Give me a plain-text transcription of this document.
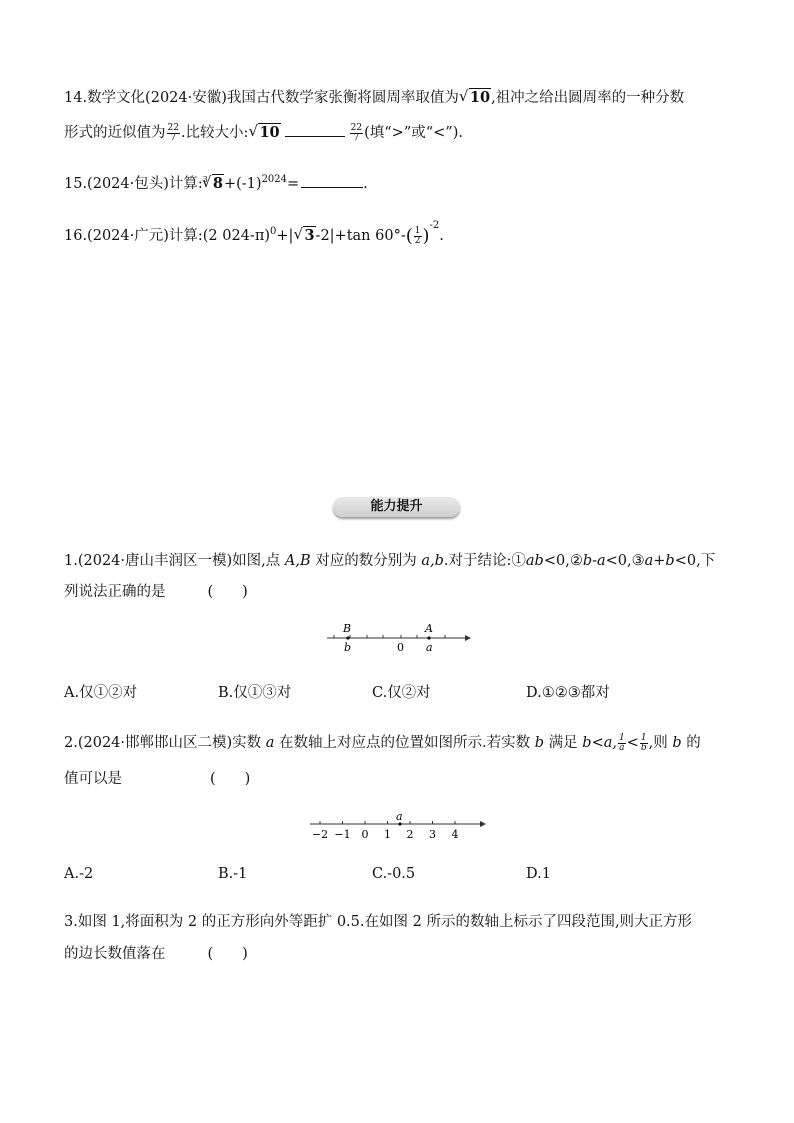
14.数学文化(2024·安徽)我国古代数学家张衡将圆周率取值为 √ 10,祖冲之给出圆周率的一种分数
形式的近似值为 $\frac{22}{7}$ .比较大小: √ 10	$\frac{22}{7}$ (填“>”或“<”).
15.(2024·包头)计算:$^3$ √ $8+(-1)^{2024}=$	.
16.(2024·广元)计算:(2 024-π)$^0$+| √ 3-2|+tan $60^\circ-( \frac{1}{2} )^{-2}$.
能力提升
1.(2024·唐山丰润区一模)如图,点 A,B 对应的数分别为 a,b.对于结论:①ab<0,②b-a<0,③a+b<0,下
列说法正确的是	(　　)
B
b	0
A
a
A.仅①②对	B.仅①③对	C.仅②对	D.①②③都对
2.(2024·邯郸邯山区二模)实数 a 在数轴上对应点的位置如图所示.若实数 b 满足 b<a, $\frac{1}{a} < \frac{1}{b}$ ,则 b 的
值可以是	(　　)
−2 −1 0 1 2 3 4
a
A.-2	B.-1	C.-0.5	D.1
3.如图 1,将面积为 2 的正方形向外等距扩 0.5.在如图 2 所示的数轴上标示了四段范围,则大正方形
的边长数值落在	(　　)
